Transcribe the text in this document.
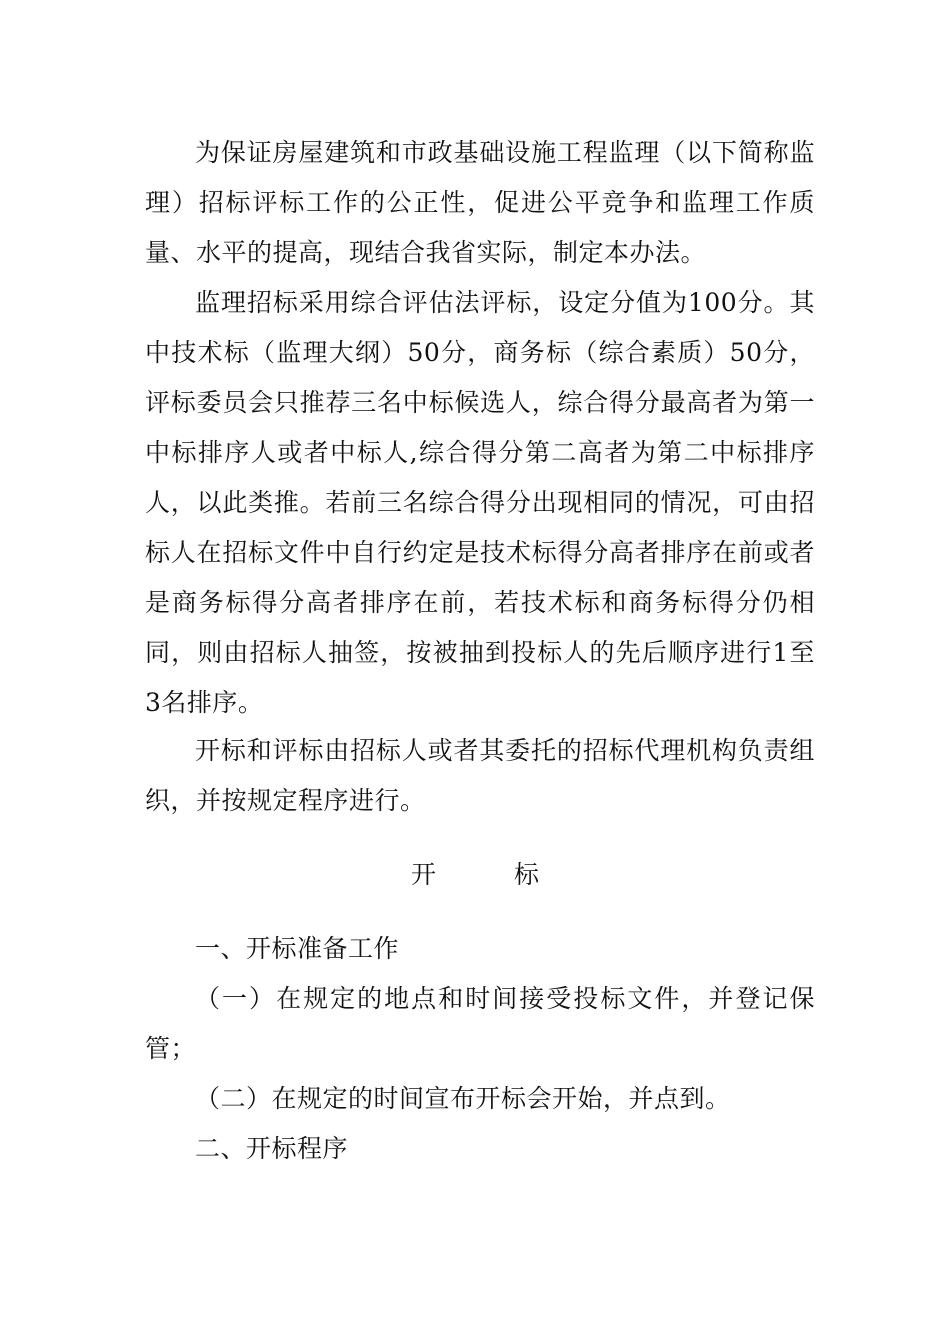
为保证房屋建筑和市政基础设施工程监理（以下简称监理）招标评标工作的公正性，促进公平竞争和监理工作质量、水平的提高，现结合我省实际，制定本办法。

监理招标采用综合评估法评标，设定分值为100分。其中技术标（监理大纲）50分，商务标（综合素质）50分，评标委员会只推荐三名中标候选人，综合得分最高者为第一中标排序人或者中标人,综合得分第二高者为第二中标排序人，以此类推。若前三名综合得分出现相同的情况，可由招标人在招标文件中自行约定是技术标得分高者排序在前或者是商务标得分高者排序在前，若技术标和商务标得分仍相同，则由招标人抽签，按被抽到投标人的先后顺序进行1至3名排序。

开标和评标由招标人或者其委托的招标代理机构负责组织，并按规定程序进行。

开	标

一、开标准备工作

（一）在规定的地点和时间接受投标文件，并登记保管；

（二）在规定的时间宣布开标会开始，并点到。

二、开标程序
